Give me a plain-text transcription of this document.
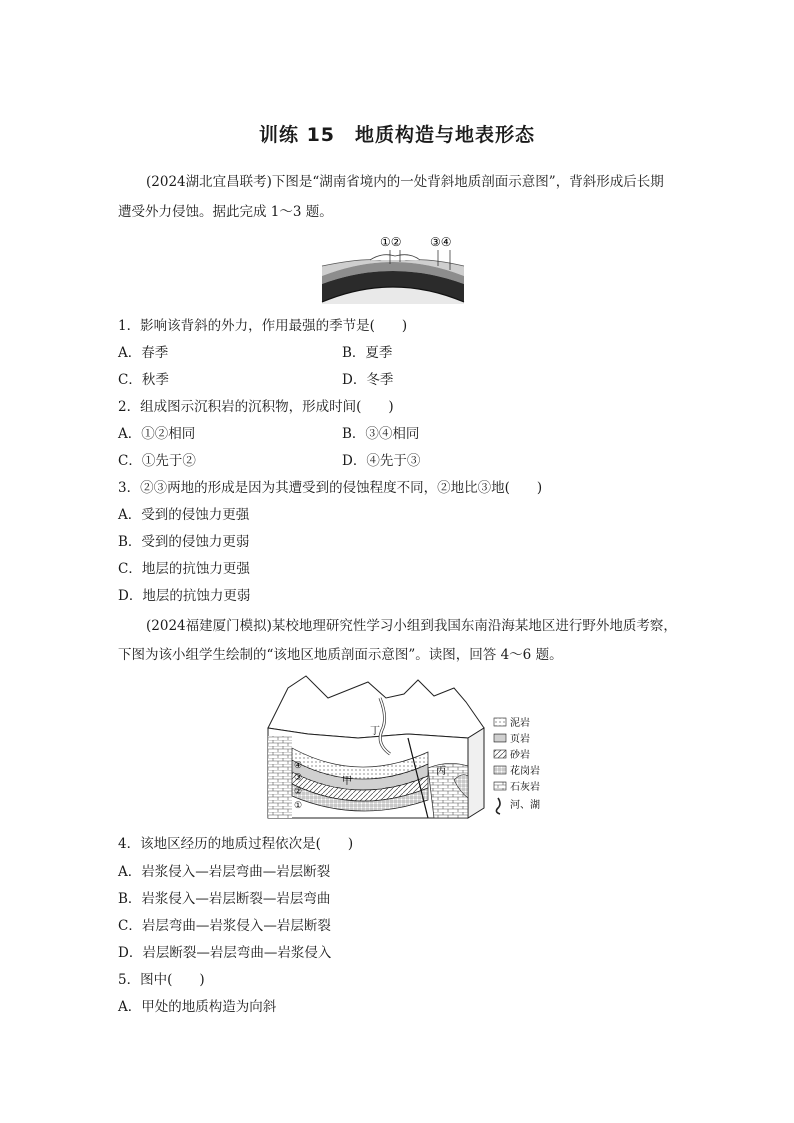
训练 15　地质构造与地表形态
(2024湖北宜昌联考)下图是“湖南省境内的一处背斜地质剖面示意图”，背斜形成后长期
遭受外力侵蚀。据此完成 1～3 题。
①② ③④
1．影响该背斜的外力，作用最强的季节是(　　)
A．春季	B．夏季
C．秋季	D．冬季
2．组成图示沉积岩的沉积物，形成时间(　　)
A．①②相同	B．③④相同
C．①先于②	D．④先于③
3．②③两地的形成是因为其遭受到的侵蚀程度不同，②地比③地(　　)
A．受到的侵蚀力更强
B．受到的侵蚀力更弱
C．地层的抗蚀力更强
D．地层的抗蚀力更弱
(2024福建厦门模拟)某校地理研究性学习小组到我国东南沿海某地区进行野外地质考察，
下图为该小组学生绘制的“该地区地质剖面示意图”。读图，回答 4～6 题。
丁
甲
丙
④
③
②
①
泥岩
页岩
砂岩
花岗岩
石灰岩
河、湖
4．该地区经历的地质过程依次是(　　)
A．岩浆侵入—岩层弯曲—岩层断裂
B．岩浆侵入—岩层断裂—岩层弯曲
C．岩层弯曲—岩浆侵入—岩层断裂
D．岩层断裂—岩层弯曲—岩浆侵入
5．图中(　　)
A．甲处的地质构造为向斜
